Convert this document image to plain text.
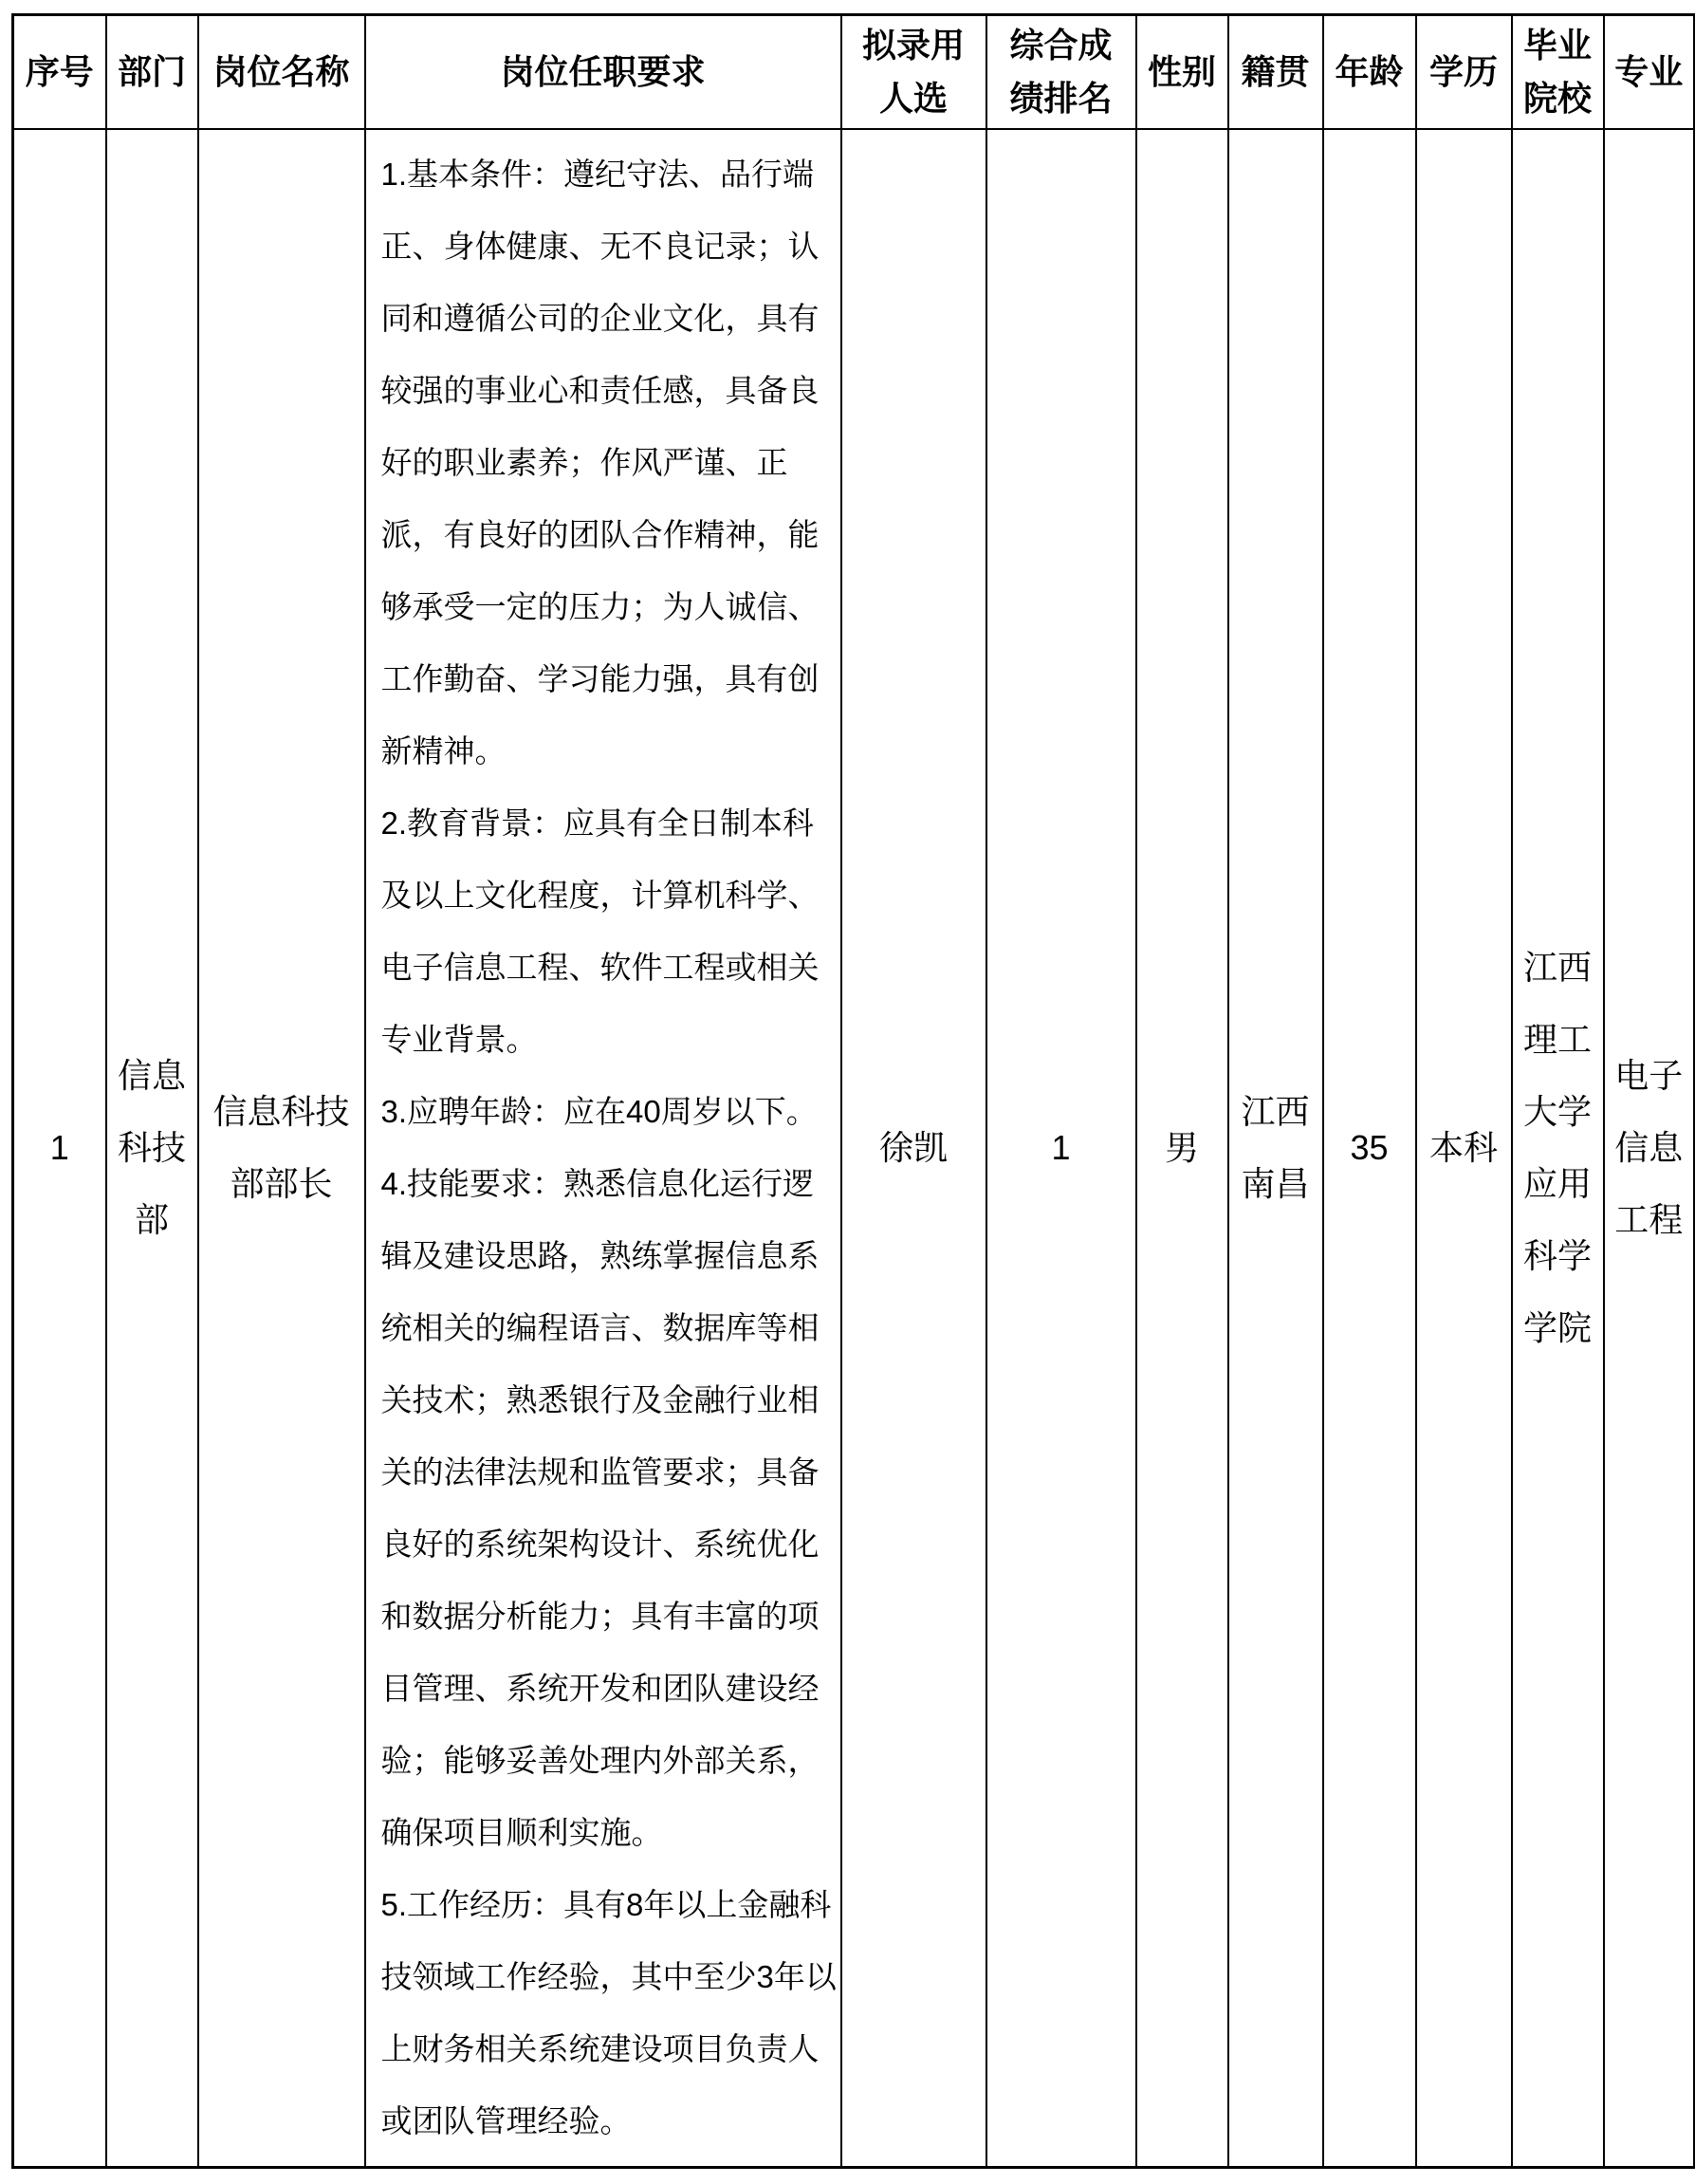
序号	部门	岗位名称	岗位任职要求	拟录用人选	综合成绩排名	性别	籍贯	年龄	学历	毕业院校	专业
1	信息科技部	信息科技部部长	1.基本条件：遵纪守法、品行端正、身体健康、无不良记录；认同和遵循公司的企业文化，具有较强的事业心和责任感，具备良好的职业素养；作风严谨、正派，有良好的团队合作精神，能够承受一定的压力；为人诚信、工作勤奋、学习能力强，具有创新精神。

2.教育背景：应具有全日制本科及以上文化程度，计算机科学、电子信息工程、软件工程或相关专业背景。

3.应聘年龄：应在40周岁以下。

4.技能要求：熟悉信息化运行逻辑及建设思路，熟练掌握信息系统相关的编程语言、数据库等相关技术；熟悉银行及金融行业相关的法律法规和监管要求；具备良好的系统架构设计、系统优化和数据分析能力；具有丰富的项目管理、系统开发和团队建设经验；能够妥善处理内外部关系，确保项目顺利实施。

5.工作经历：具有8年以上金融科技领域工作经验，其中至少3年以上财务相关系统建设项目负责人或团队管理经验。	徐凯	1	男	江西南昌	35	本科	江西理工大学应用科学学院	电子信息工程
